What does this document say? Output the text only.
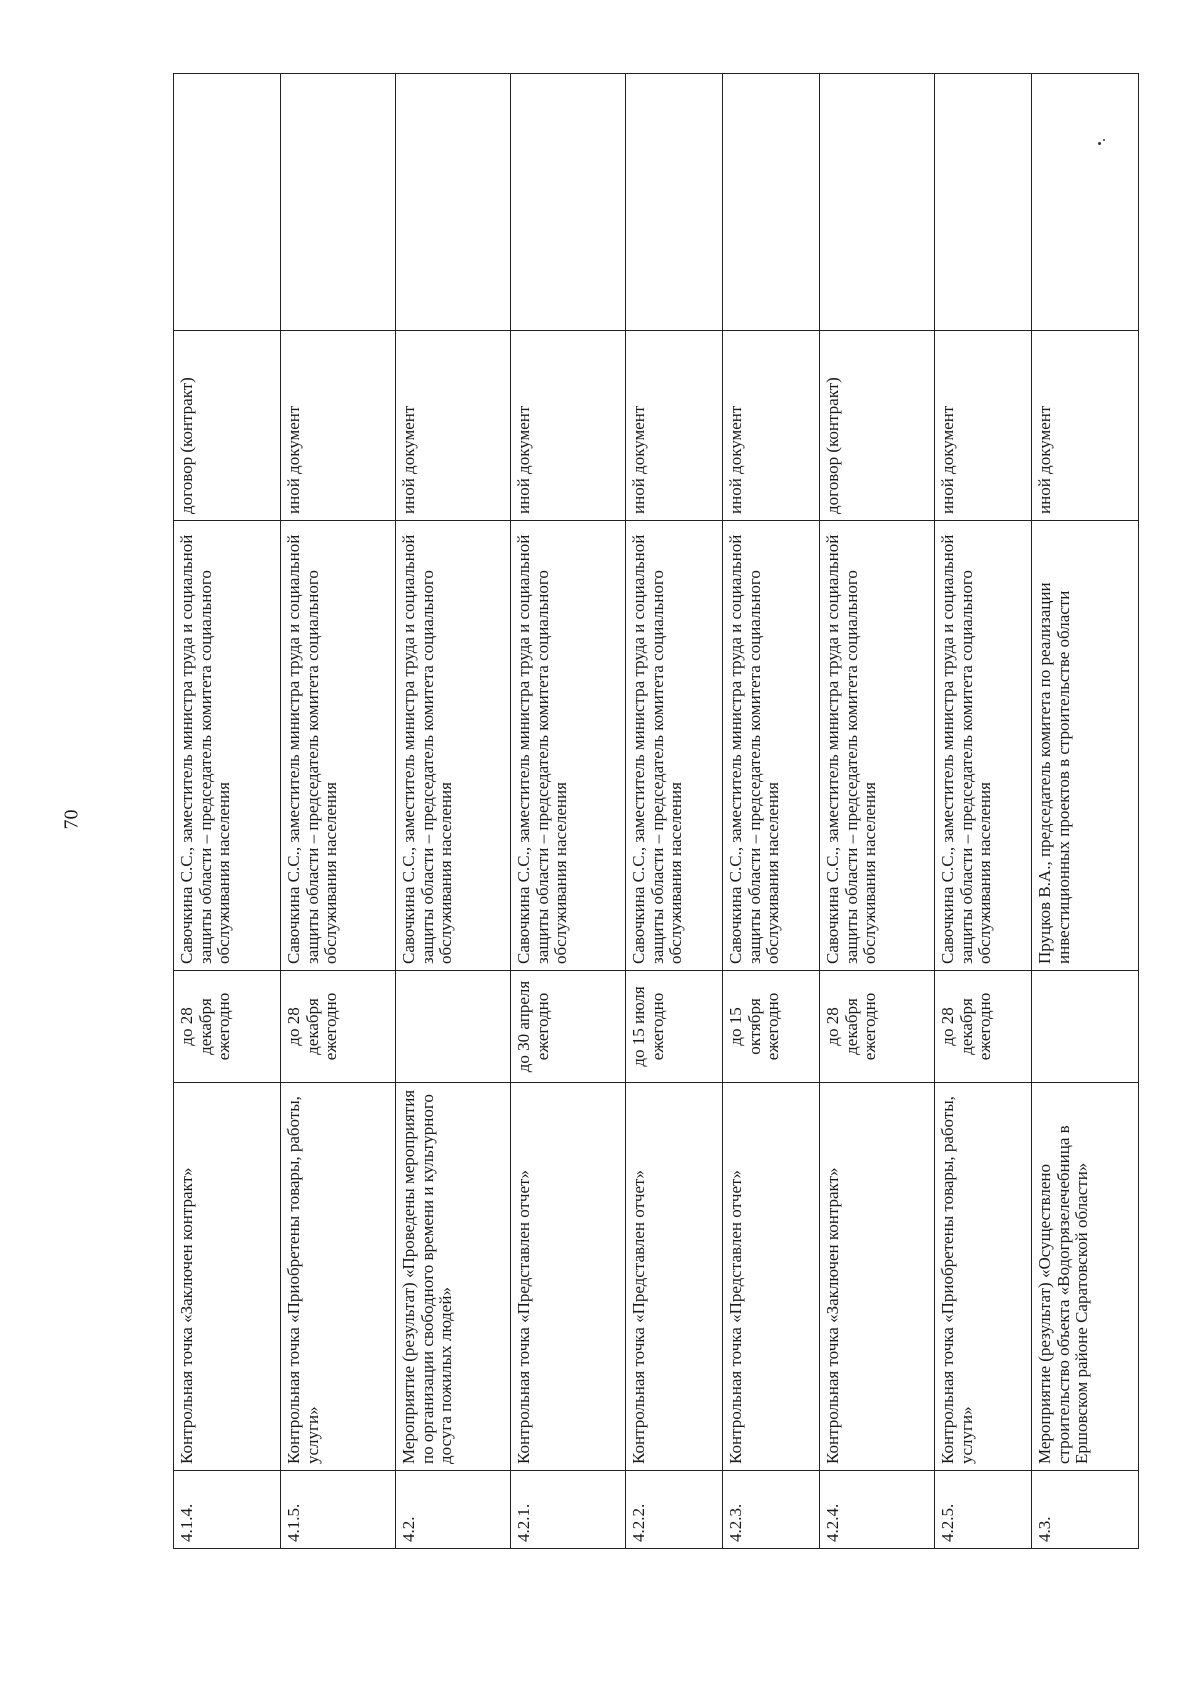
70
4.1.4.	Контрольная точка «Заключен контракт»	до 28 декабря ежегодно	Савочкина С.С., заместитель министра труда и социальной защиты области – председатель комитета социального обслуживания населения	договор (контракт)	
4.1.5.	Контрольная точка «Приобретены товары, работы, услуги»	до 28 декабря ежегодно	Савочкина С.С., заместитель министра труда и социальной защиты области – председатель комитета социального обслуживания населения	иной документ	
4.2.	Мероприятие (результат) «Проведены мероприятия по организации свободного времени и культурного досуга пожилых людей»		Савочкина С.С., заместитель министра труда и социальной защиты области – председатель комитета социального обслуживания населения	иной документ	
4.2.1.	Контрольная точка «Представлен отчет»	до 30 апреля ежегодно	Савочкина С.С., заместитель министра труда и социальной защиты области – председатель комитета социального обслуживания населения	иной документ	
4.2.2.	Контрольная точка «Представлен отчет»	до 15 июля ежегодно	Савочкина С.С., заместитель министра труда и социальной защиты области – председатель комитета социального обслуживания населения	иной документ	
4.2.3.	Контрольная точка «Представлен отчет»	до 15 октября ежегодно	Савочкина С.С., заместитель министра труда и социальной защиты области – председатель комитета социального обслуживания населения	иной документ	
4.2.4.	Контрольная точка «Заключен контракт»	до 28 декабря ежегодно	Савочкина С.С., заместитель министра труда и социальной защиты области – председатель комитета социального обслуживания населения	договор (контракт)	
4.2.5.	Контрольная точка «Приобретены товары, работы, услуги»	до 28 декабря ежегодно	Савочкина С.С., заместитель министра труда и социальной защиты области – председатель комитета социального обслуживания населения	иной документ	
4.3.	Мероприятие (результат) «Осуществлено строительство объекта «Водогрязелечебница в Ершовском районе Саратовской области»		Пруцков В.А., председатель комитета по реализации инвестиционных проектов в строительстве области	иной документ	
